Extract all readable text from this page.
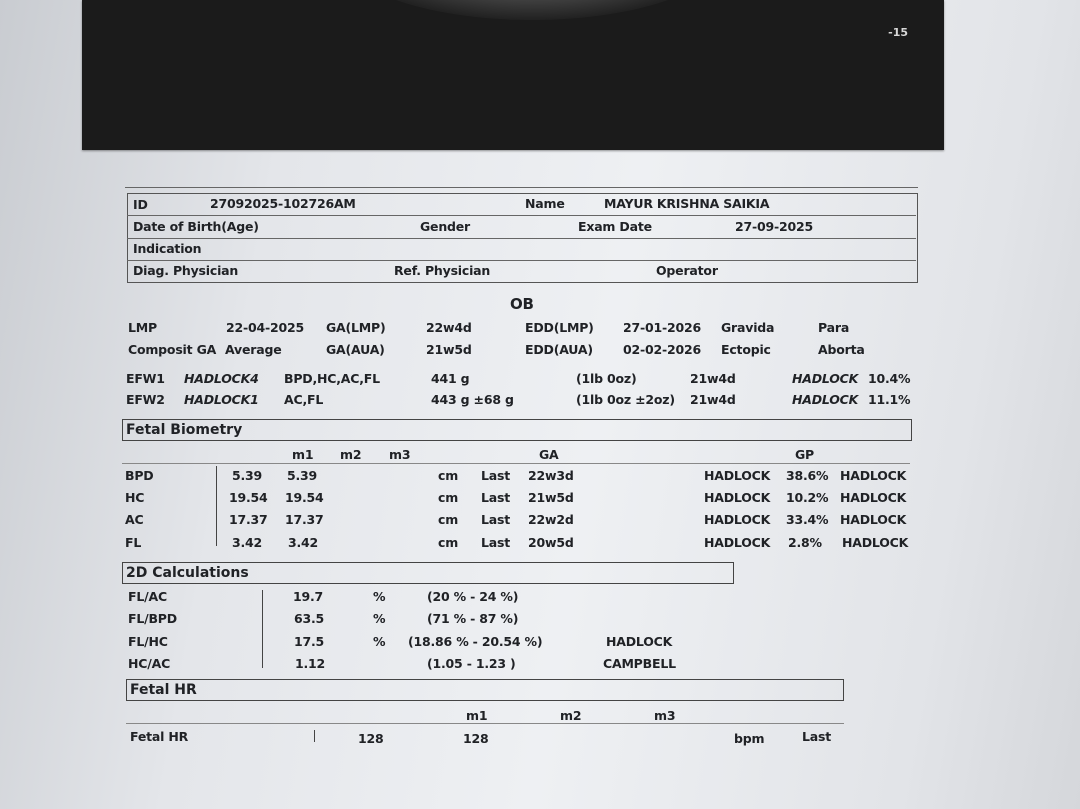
-15
ID	27092025-102726AM	Name	MAYUR KRISHNA SAIKIA
Date of Birth(Age)	Gender	Exam Date	27-09-2025
Indication
Diag. Physician	Ref. Physician	Operator
OB
LMP	22-04-2025 GA(LMP)	22w4d	EDD(LMP) 27-01-2026 Gravida	Para
Composit GA Average	GA(AUA)	21w5d	EDD(AUA) 02-02-2026 Ectopic	Aborta
EFW1 HADLOCK4 BPD,HC,AC,FL	441 g	(1lb 0oz)	21w4d	HADLOCK 10.4%
EFW2 HADLOCK1 AC,FL	443 g ±68 g	(1lb 0oz ±2oz) 21w4d	HADLOCK 11.1%
Fetal Biometry
m1 m2 m3	GA	GP
BPD	5.39 5.39	cm Last 22w3d	HADLOCK 38.6% HADLOCK
HC	19.54 19.54	cm Last 21w5d	HADLOCK 10.2% HADLOCK
AC	17.37 17.37	cm Last 22w2d	HADLOCK 33.4% HADLOCK
FL	3.42 3.42	cm Last 20w5d	HADLOCK 2.8% HADLOCK
2D Calculations
FL/AC	19.7	%	(20 % - 24 %)
FL/BPD	63.5	%	(71 % - 87 %)
FL/HC	17.5	% (18.86 % - 20.54 %)	HADLOCK
HC/AC	1.12	(1.05 - 1.23 )	CAMPBELL
Fetal HR
m1	m2	m3
Fetal HR	128	128	bpm	Last
